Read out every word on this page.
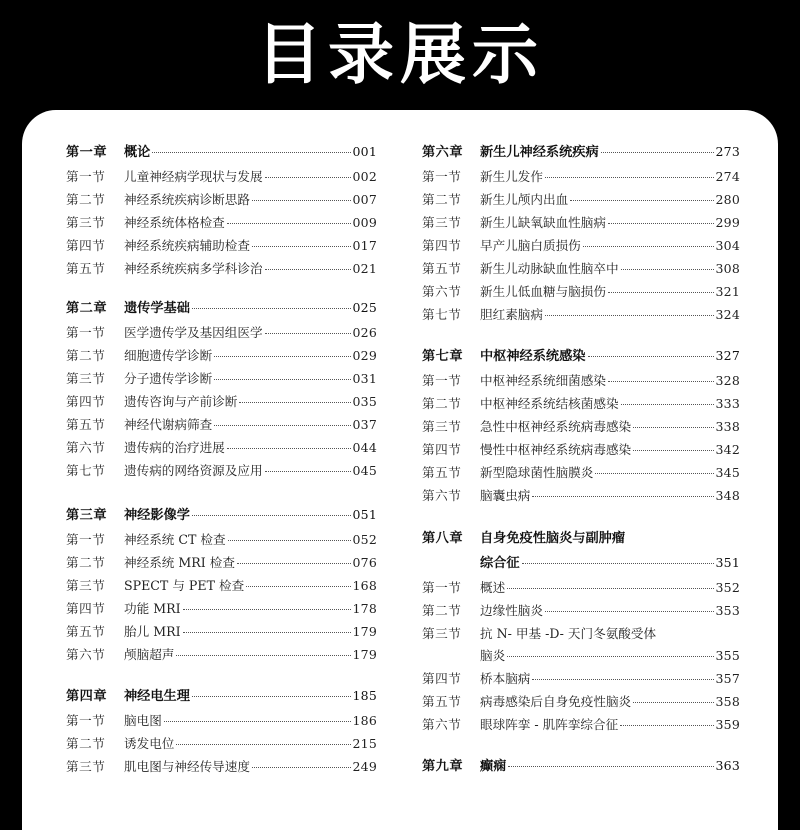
目录展示
第一章	概论	001
第一节	儿童神经病学现状与发展	002
第二节	神经系统疾病诊断思路	007
第三节	神经系统体格检查	009
第四节	神经系统疾病辅助检查	017
第五节	神经系统疾病多学科诊治	021
第二章	遗传学基础	025
第一节	医学遗传学及基因组医学	026
第二节	细胞遗传学诊断	029
第三节	分子遗传学诊断	031
第四节	遗传咨询与产前诊断	035
第五节	神经代谢病筛查	037
第六节	遗传病的治疗进展	044
第七节	遗传病的网络资源及应用	045
第三章	神经影像学	051
第一节	神经系统 CT 检查	052
第二节	神经系统 MRI 检查	076
第三节	SPECT 与 PET 检查	168
第四节	功能 MRI	178
第五节	胎儿 MRI	179
第六节	颅脑超声	179
第四章	神经电生理	185
第一节	脑电图	186
第二节	诱发电位	215
第三节	肌电图与神经传导速度	249
第六章	新生儿神经系统疾病	273
第一节	新生儿发作	274
第二节	新生儿颅内出血	280
第三节	新生儿缺氧缺血性脑病	299
第四节	早产儿脑白质损伤	304
第五节	新生儿动脉缺血性脑卒中	308
第六节	新生儿低血糖与脑损伤	321
第七节	胆红素脑病	324
第七章	中枢神经系统感染	327
第一节	中枢神经系统细菌感染	328
第二节	中枢神经系统结核菌感染	333
第三节	急性中枢神经系统病毒感染	338
第四节	慢性中枢神经系统病毒感染	342
第五节	新型隐球菌性脑膜炎	345
第六节	脑囊虫病	348
第八章	自身免疫性脑炎与副肿瘤
综合征	351
第一节	概述	352
第二节	边缘性脑炎	353
第三节	抗 N- 甲基 -D- 天门冬氨酸受体
脑炎	355
第四节	桥本脑病	357
第五节	病毒感染后自身免疫性脑炎	358
第六节	眼球阵挛 - 肌阵挛综合征	359
第九章	癫痫	363
